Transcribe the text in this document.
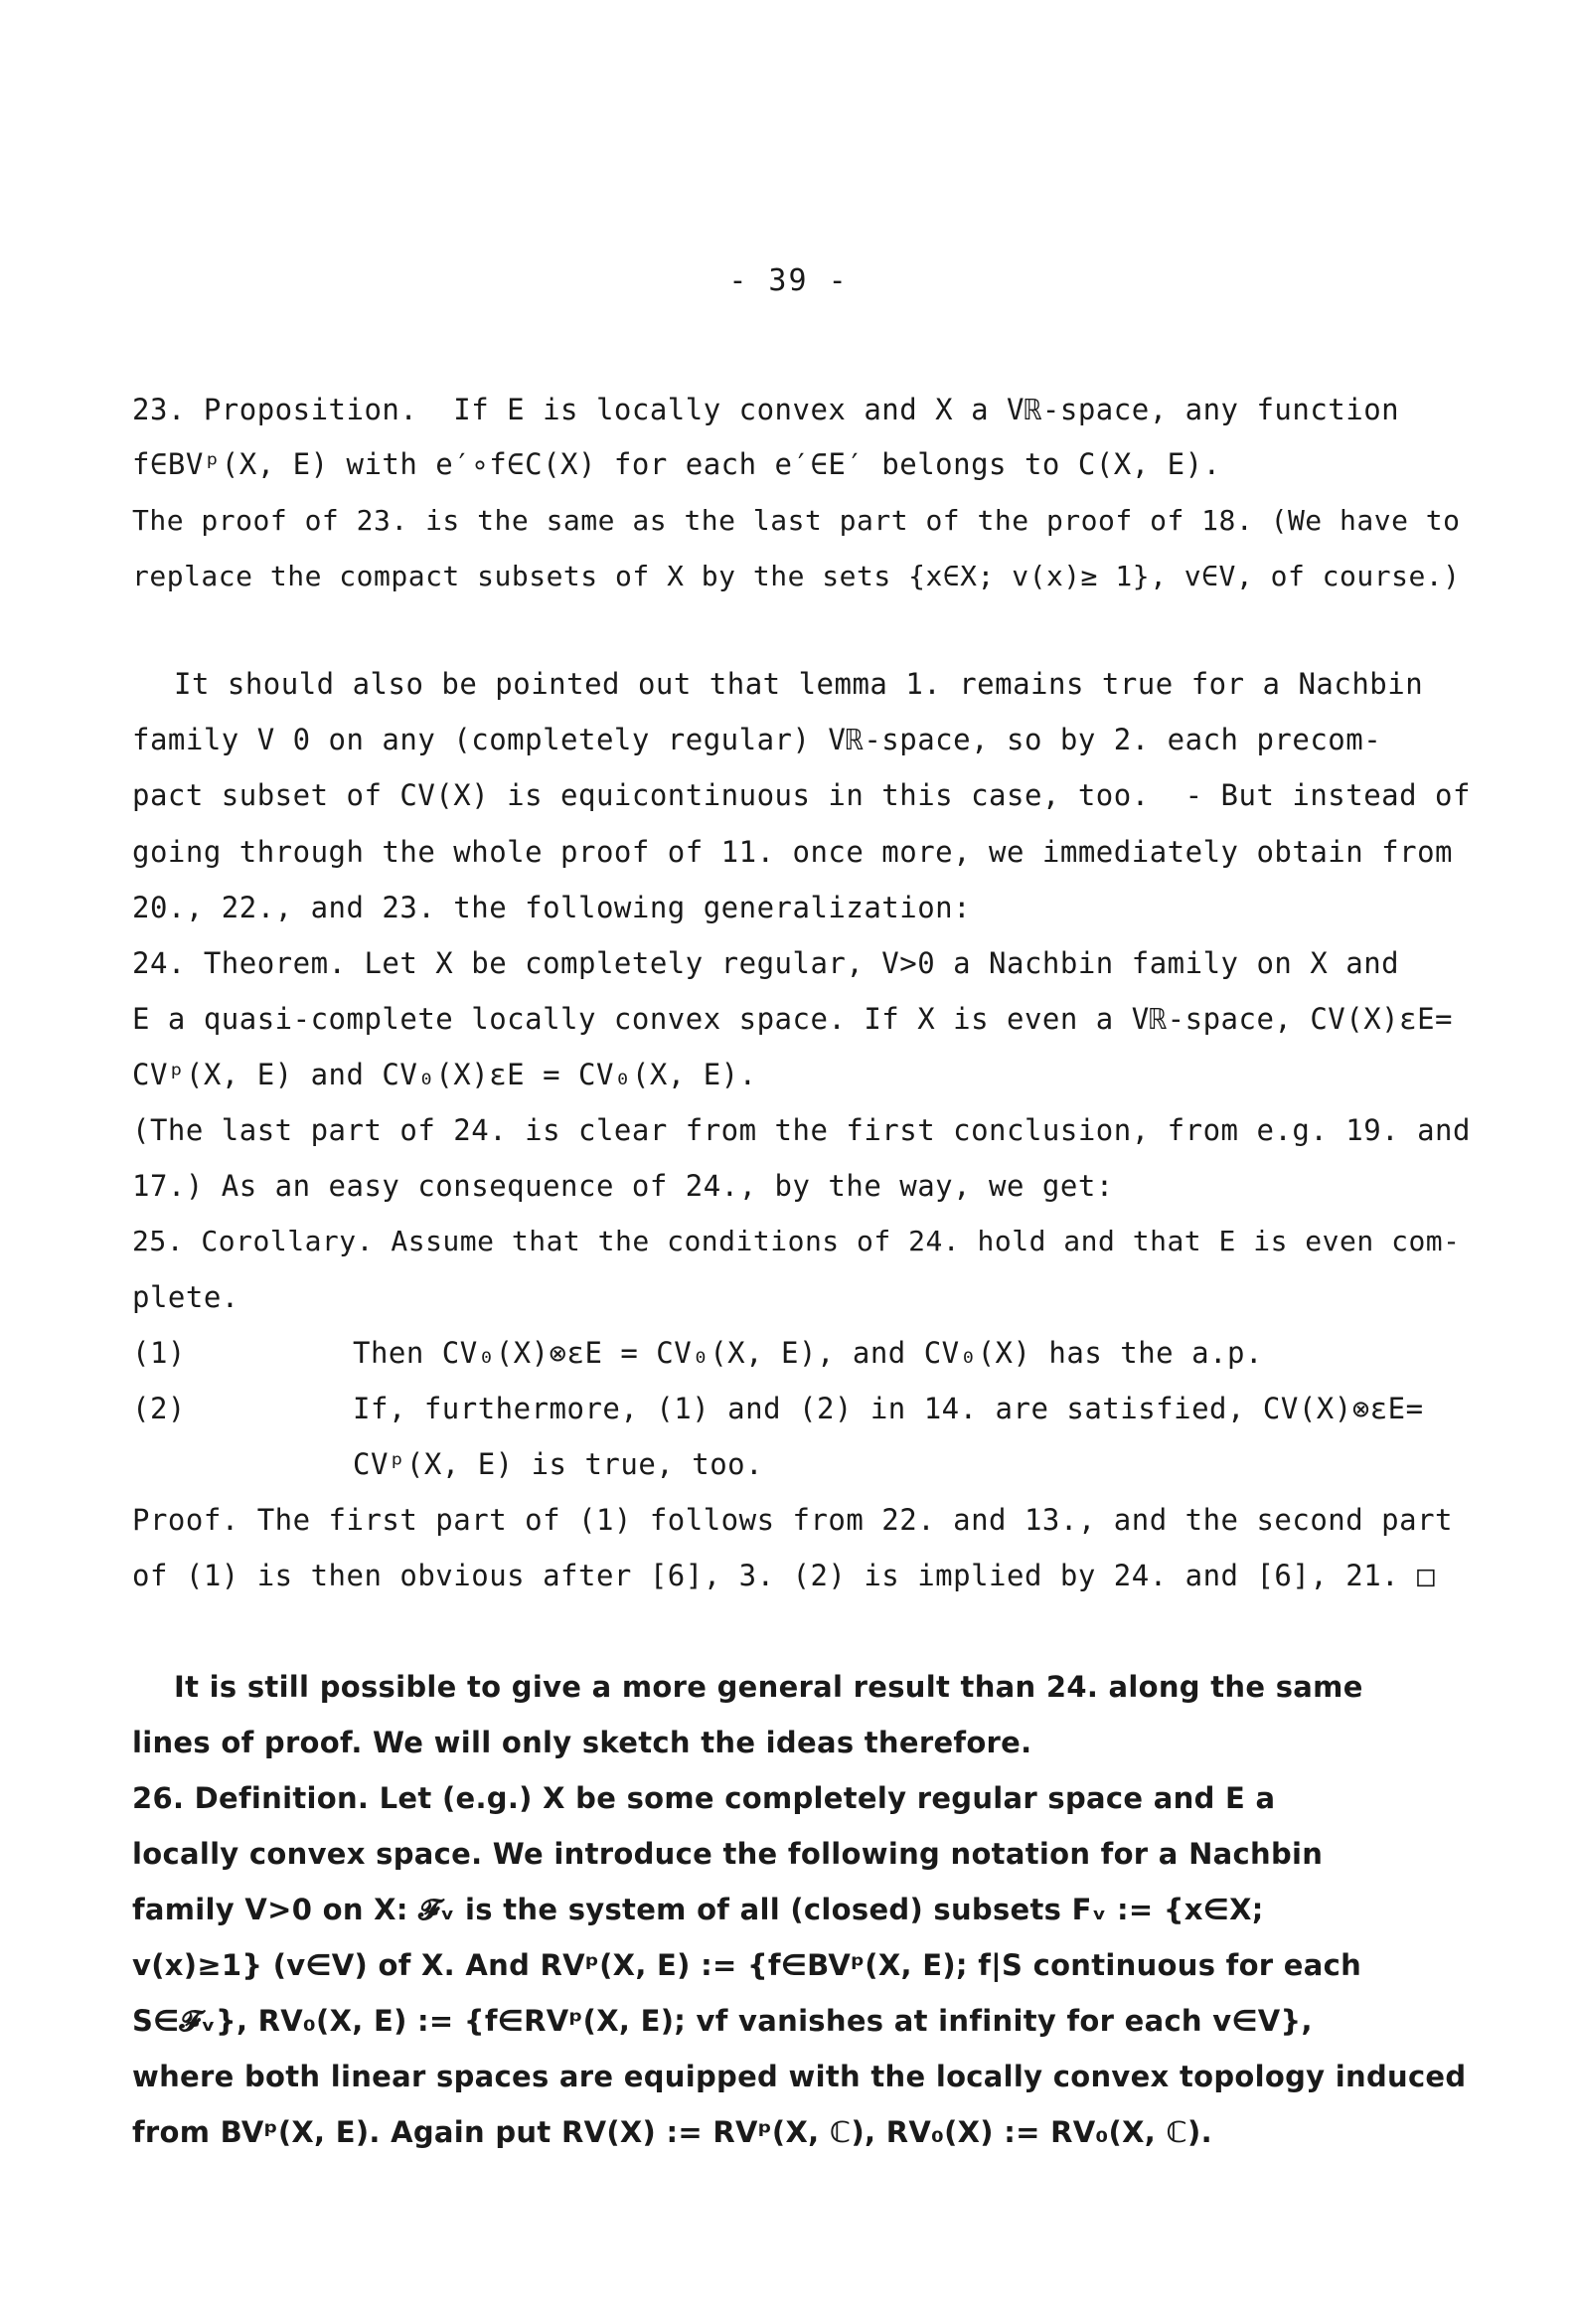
- 39 -
23. Proposition.  If E is locally convex and X a Vℝ-space, any function
f∈BVᵖ(X, E) with e′∘f∈C(X) for each e′∈E′ belongs to C(X, E).
The proof of 23. is the same as the last part of the proof of 18. (We have to
replace the compact subsets of X by the sets {x∈X; v(x)≥ 1}, v∈V, of course.)
It should also be pointed out that lemma 1. remains true for a Nachbin
family V 0 on any (completely regular) Vℝ-space, so by 2. each precom-
pact subset of CV(X) is equicontinuous in this case, too.  - But instead of
going through the whole proof of 11. once more, we immediately obtain from
20., 22., and 23. the following generalization:
24. Theorem. Let X be completely regular, V>0 a Nachbin family on X and
E a quasi-complete locally convex space. If X is even a Vℝ-space, CV(X)εE=
CVᵖ(X, E) and CV₀(X)εE = CV₀(X, E).
(The last part of 24. is clear from the first conclusion, from e.g. 19. and
17.) As an easy consequence of 24., by the way, we get:
25. Corollary. Assume that the conditions of 24. hold and that E is even com-
plete.
(1)	Then CV₀(X)⊗εE = CV₀(X, E), and CV₀(X) has the a.p.
(2)	If, furthermore, (1) and (2) in 14. are satisfied, CV(X)⊗εE=
CVᵖ(X, E) is true, too.
Proof. The first part of (1) follows from 22. and 13., and the second part
of (1) is then obvious after [6], 3. (2) is implied by 24. and [6], 21. □
It is still possible to give a more general result than 24. along the same
lines of proof. We will only sketch the ideas therefore.
26. Definition. Let (e.g.) X be some completely regular space and E a
locally convex space. We introduce the following notation for a Nachbin
family V>0 on X: 𝓕ᵥ is the system of all (closed) subsets Fᵥ := {x∈X;
v(x)≥1} (v∈V) of X. And RVᵖ(X, E) := {f∈BVᵖ(X, E); f|S continuous for each
S∈𝓕ᵥ}, RV₀(X, E) := {f∈RVᵖ(X, E); vf vanishes at infinity for each v∈V},
where both linear spaces are equipped with the locally convex topology induced
from BVᵖ(X, E). Again put RV(X) := RVᵖ(X, ℂ), RV₀(X) := RV₀(X, ℂ).
